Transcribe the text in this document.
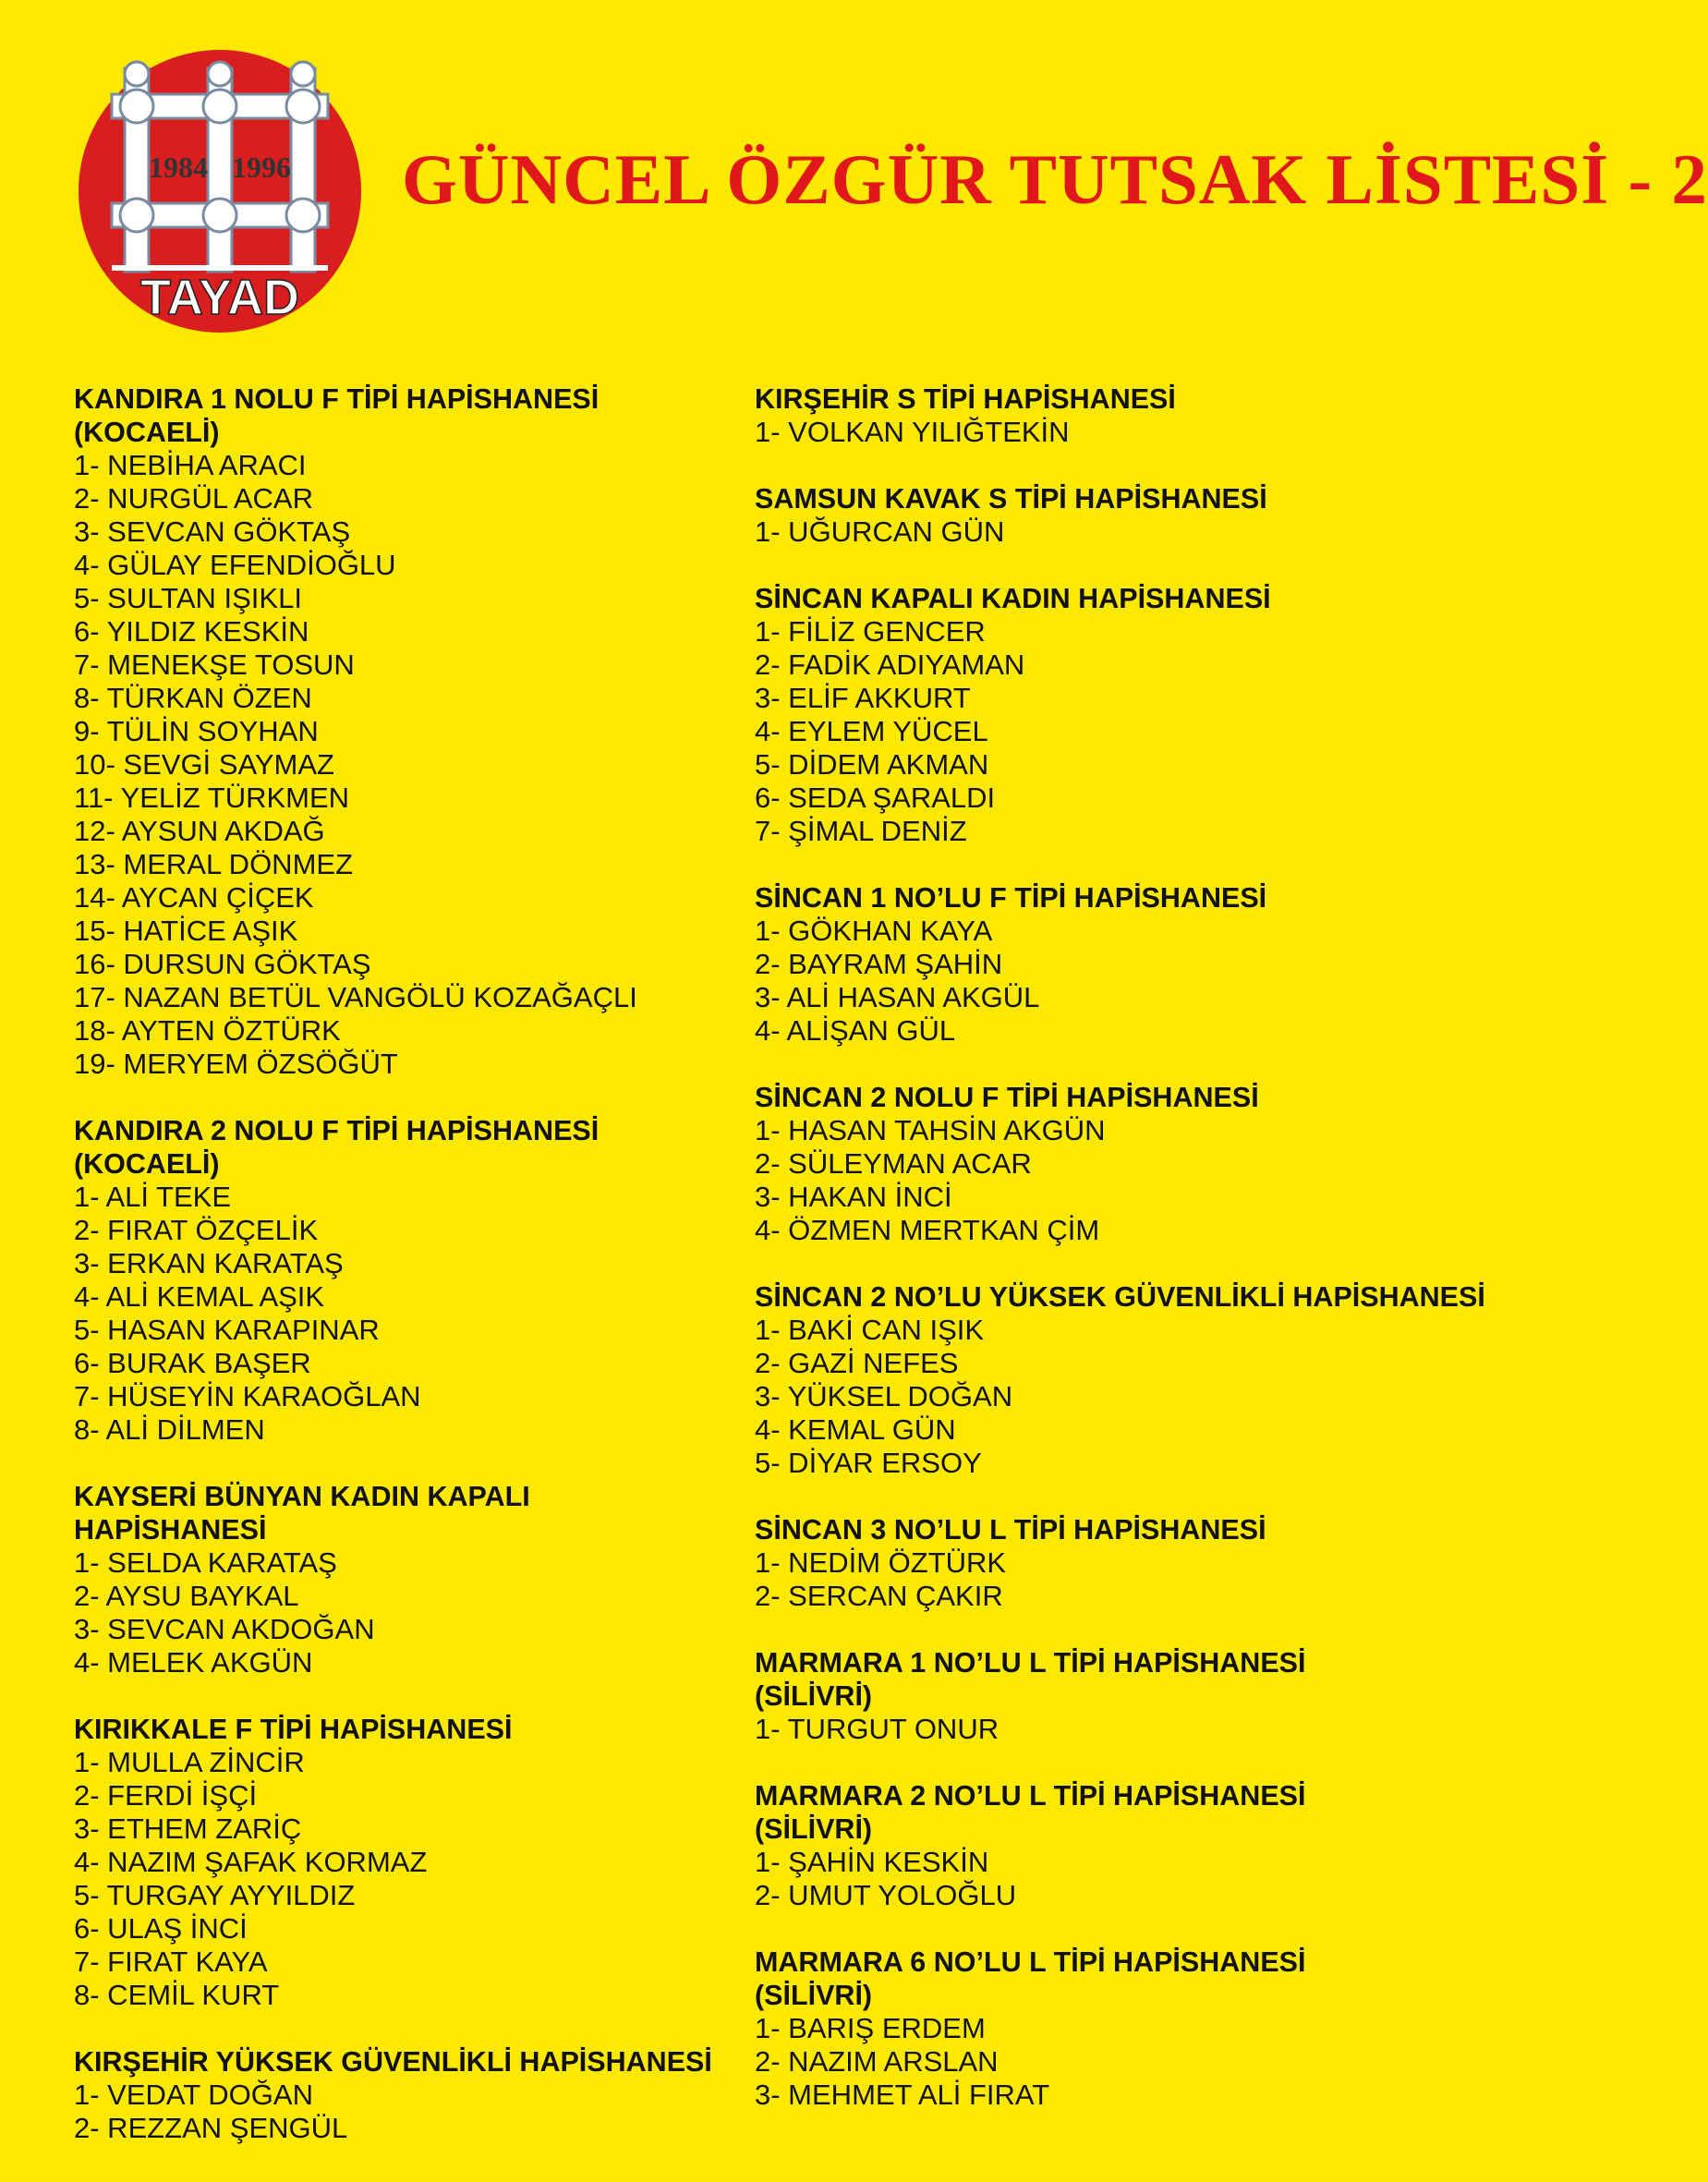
1984 1996
TAYAD
GÜNCEL ÖZGÜR TUTSAK LİSTESİ - 2
KANDIRA 1 NOLU F TİPİ HAPİSHANESİ
(KOCAELİ)
1- NEBİHA ARACI
2- NURGÜL ACAR
3- SEVCAN GÖKTAŞ
4- GÜLAY EFENDİOĞLU
5- SULTAN IŞIKLI
6- YILDIZ KESKİN
7- MENEKŞE TOSUN
8- TÜRKAN ÖZEN
9- TÜLİN SOYHAN
10- SEVGİ SAYMAZ
11- YELİZ TÜRKMEN
12- AYSUN AKDAĞ
13- MERAL DÖNMEZ
14- AYCAN ÇİÇEK
15- HATİCE AŞIK
16- DURSUN GÖKTAŞ
17- NAZAN BETÜL VANGÖLÜ KOZAĞAÇLI
18- AYTEN ÖZTÜRK
19- MERYEM ÖZSÖĞÜT
KANDIRA 2 NOLU F TİPİ HAPİSHANESİ
(KOCAELİ)
1- ALİ TEKE
2- FIRAT ÖZÇELİK
3- ERKAN KARATAŞ
4- ALİ KEMAL AŞIK
5- HASAN KARAPINAR
6- BURAK BAŞER
7- HÜSEYİN KARAOĞLAN
8- ALİ DİLMEN
KAYSERİ BÜNYAN KADIN KAPALI HAPİSHANESİ
1- SELDA KARATAŞ
2- AYSU BAYKAL
3- SEVCAN AKDOĞAN
4- MELEK AKGÜN
KIRIKKALE F TİPİ HAPİSHANESİ
1- MULLA ZİNCİR
2- FERDİ İŞÇİ
3- ETHEM ZARİÇ
4- NAZIM ŞAFAK KORMAZ
5- TURGAY AYYILDIZ
6- ULAŞ İNCİ
7- FIRAT KAYA
8- CEMİL KURT
KIRŞEHİR YÜKSEK GÜVENLİKLİ HAPİSHANESİ
1- VEDAT DOĞAN
2- REZZAN ŞENGÜL
KIRŞEHİR S TİPİ HAPİSHANESİ
1- VOLKAN YILIĞTEKİN
SAMSUN KAVAK S TİPİ HAPİSHANESİ
1- UĞURCAN GÜN
SİNCAN KAPALI KADIN HAPİSHANESİ
1- FİLİZ GENCER
2- FADİK ADIYAMAN
3- ELİF AKKURT
4- EYLEM YÜCEL
5- DİDEM AKMAN
6- SEDA ŞARALDI
7- ŞİMAL DENİZ
SİNCAN 1 NO’LU F TİPİ HAPİSHANESİ
1- GÖKHAN KAYA
2- BAYRAM ŞAHİN
3- ALİ HASAN AKGÜL
4- ALİŞAN GÜL
SİNCAN 2 NOLU F TİPİ HAPİSHANESİ
1- HASAN TAHSİN AKGÜN
2- SÜLEYMAN ACAR
3- HAKAN İNCİ
4- ÖZMEN MERTKAN ÇİM
SİNCAN 2 NO’LU YÜKSEK GÜVENLİKLİ HAPİSHANESİ
1- BAKİ CAN IŞIK
2- GAZİ NEFES
3- YÜKSEL DOĞAN
4- KEMAL GÜN
5- DİYAR ERSOY
SİNCAN 3 NO’LU L TİPİ HAPİSHANESİ
1- NEDİM ÖZTÜRK
2- SERCAN ÇAKIR
MARMARA 1 NO’LU L TİPİ HAPİSHANESİ
(SİLİVRİ)
1- TURGUT ONUR
MARMARA 2 NO’LU L TİPİ HAPİSHANESİ
(SİLİVRİ)
1- ŞAHİN KESKİN
2- UMUT YOLOĞLU
MARMARA 6 NO’LU L TİPİ HAPİSHANESİ
(SİLİVRİ)
1- BARIŞ ERDEM
2- NAZIM ARSLAN
3- MEHMET ALİ FIRAT
